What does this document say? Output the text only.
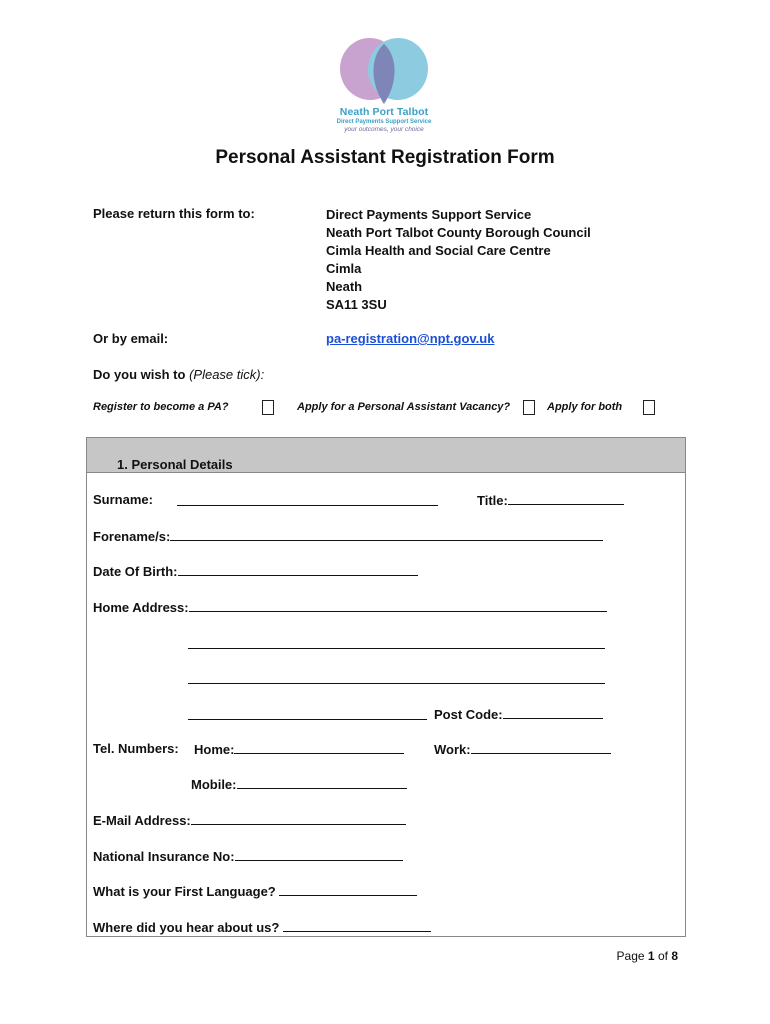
Neath Port Talbot
Direct Payments Support Service
your outcomes, your choice
Personal Assistant Registration Form
Please return this form to:	Direct Payments Support Service
Neath Port Talbot County Borough Council
Cimla Health and Social Care Centre
Cimla
Neath
SA11 3SU
Or by email:	pa-registration@npt.gov.uk
Do you wish to (Please tick):
Register to become a PA?	Apply for a Personal Assistant Vacancy?	Apply for both
1. Personal Details
Surname:	Title:
Forename/s:
Date Of Birth:
Home Address:
Post Code:
Tel. Numbers: Home:	Work:
Mobile:
E-Mail Address:
National Insurance No:
What is your First Language?
Where did you hear about us?
Page 1 of 8
